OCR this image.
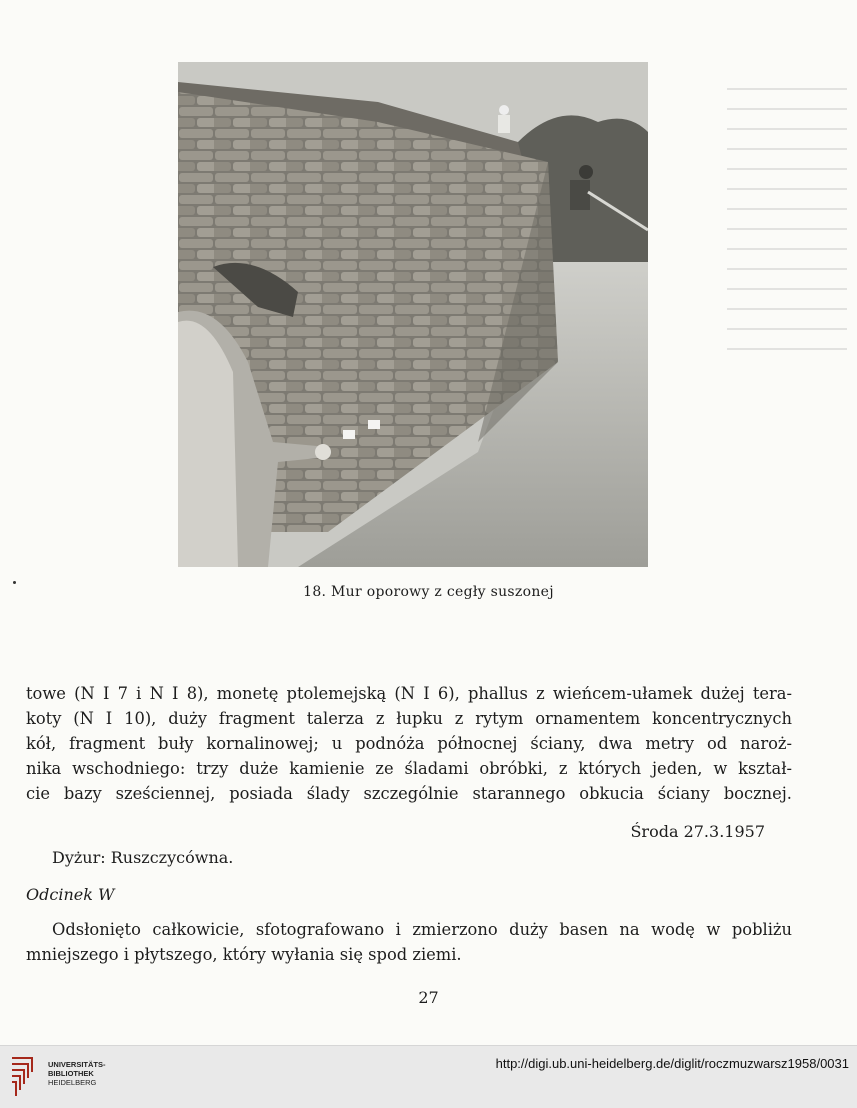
18. Mur oporowy z cegły suszonej
towe (N I 7 i N I 8), monetę ptolemejską (N I 6), phallus z wieńcem-ułamek dużej tera-
koty (N I 10), duży fragment talerza z łupku z rytym ornamentem koncentrycznych
kół, fragment buły kornalinowej; u podnóża północnej ściany, dwa metry od naroż-
nika wschodniego: trzy duże kamienie ze śladami obróbki, z których jeden, w kształ-
cie bazy sześciennej, posiada ślady szczególnie starannego obkucia ściany bocznej.
Środa 27.3.1957
Dyżur: Ruszczycówna.
Odcinek W
Odsłonięto całkowicie, sfotografowano i zmierzono duży basen na wodę w pobliżu
mniejszego i płytszego, który wyłania się spod ziemi.
27
UNIVERSITÄTS-
BIBLIOTHEK
HEIDELBERG
http://digi.ub.uni-heidelberg.de/diglit/roczmuzwarsz1958/0031
